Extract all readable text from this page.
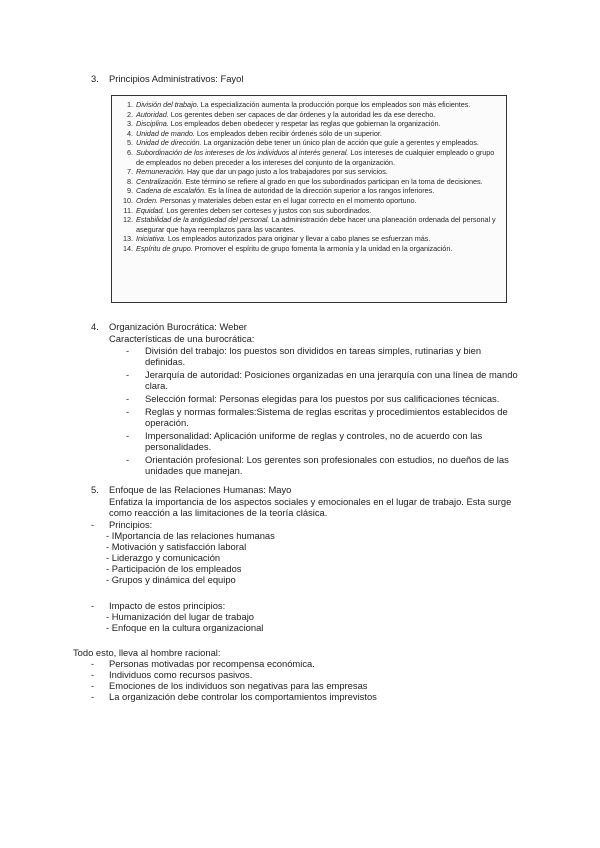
3. Principios Administrativos: Fayol
1. División del trabajo. La especialización aumenta la producción porque los empleados son más eficientes.
2. Autoridad. Los gerentes deben ser capaces de dar órdenes y la autoridad les da ese derecho.
3. Disciplina. Los empleados deben obedecer y respetar las reglas que gobiernan la organización.
4. Unidad de mando. Los empleados deben recibir órdenes sólo de un superior.
5. Unidad de dirección. La organización debe tener un único plan de acción que guíe a gerentes y empleados.
6. Subordinación de los intereses de los individuos al interés general. Los intereses de cualquier empleado o grupo de empleados no deben preceder a los intereses del conjunto de la organización.
7. Remuneración. Hay que dar un pago justo a los trabajadores por sus servicios.
8. Centralización. Este término se refiere al grado en que los subordinados participan en la toma de decisiones.
9. Cadena de escalafón. Es la línea de autoridad de la dirección superior a los rangos inferiores.
10. Orden. Personas y materiales deben estar en el lugar correcto en el momento oportuno.
11. Equidad. Los gerentes deben ser corteses y justos con sus subordinados.
12. Estabilidad de la antigüedad del personal. La administración debe hacer una planeación ordenada del personal y asegurar que haya reemplazos para las vacantes.
13. Iniciativa. Los empleados autorizados para originar y llevar a cabo planes se esfuerzan más.
14. Espíritu de grupo. Promover el espíritu de grupo fomenta la armonía y la unidad en la organización.
4. Organización Burocrática: Weber
Características de una burocrática:
-	División del trabajo: los puestos son divididos en tareas simples, rutinarias y bien definidas.
-	Jerarquía de autoridad: Posiciones organizadas en una jerarquía con una línea de mando clara.
-	Selección formal: Personas elegidas para los puestos por sus calificaciones técnicas.
-	Reglas y normas formales:Sistema de reglas escritas y procedimientos establecidos de operación.
-	Impersonalidad: Aplicación uniforme de reglas y controles, no de acuerdo con las personalidades.
-	Orientación profesional: Los gerentes son profesionales con estudios, no dueños de las unidades que manejan.
5. Enfoque de las Relaciones Humanas: Mayo
Enfatiza la importancia de los aspectos sociales y emocionales en el lugar de trabajo. Esta surge como reacción a las limitaciones de la teoría clásica.
- Principios:
- IMportancia de las relaciones humanas
- Motivación y satisfacción laboral
- Liderazgo y comunicación
- Participación de los empleados
- Grupos y dinámica del equipo
- Impacto de estos principios:
- Humanización del lugar de trabajo
- Enfoque en la cultura organizacional
Todo esto, lleva al hombre racional:
-	Personas motivadas por recompensa económica.
-	Individuos como recursos pasivos.
-	Emociones de los individuos son negativas para las empresas
-	La organización debe controlar los comportamientos imprevistos
